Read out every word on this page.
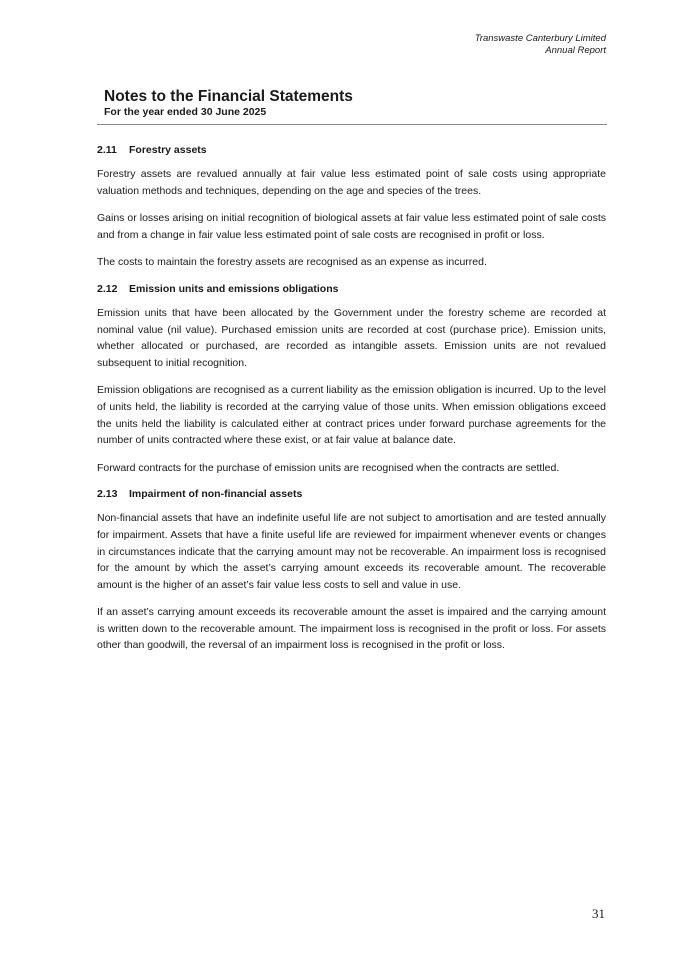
Transwaste Canterbury Limited
Annual Report
Notes to the Financial Statements

For the year ended 30 June 2025

2.11 Forestry assets

Forestry assets are revalued annually at fair value less estimated point of sale costs using appropriate valuation methods and techniques, depending on the age and species of the trees.

Gains or losses arising on initial recognition of biological assets at fair value less estimated point of sale costs and from a change in fair value less estimated point of sale costs are recognised in profit or loss.

The costs to maintain the forestry assets are recognised as an expense as incurred.

2.12 Emission units and emissions obligations

Emission units that have been allocated by the Government under the forestry scheme are recorded at nominal value (nil value). Purchased emission units are recorded at cost (purchase price). Emission units, whether allocated or purchased, are recorded as intangible assets. Emission units are not revalued subsequent to initial recognition.

Emission obligations are recognised as a current liability as the emission obligation is incurred. Up to the level of units held, the liability is recorded at the carrying value of those units. When emission obligations exceed the units held the liability is calculated either at contract prices under forward purchase agreements for the number of units contracted where these exist, or at fair value at balance date.

Forward contracts for the purchase of emission units are recognised when the contracts are settled.

2.13 Impairment of non-financial assets

Non-financial assets that have an indefinite useful life are not subject to amortisation and are tested annually for impairment. Assets that have a finite useful life are reviewed for impairment whenever events or changes in circumstances indicate that the carrying amount may not be recoverable. An impairment loss is recognised for the amount by which the asset’s carrying amount exceeds its recoverable amount. The recoverable amount is the higher of an asset’s fair value less costs to sell and value in use.

If an asset’s carrying amount exceeds its recoverable amount the asset is impaired and the carrying amount is written down to the recoverable amount. The impairment loss is recognised in the profit or loss. For assets other than goodwill, the reversal of an impairment loss is recognised in the profit or loss.

31
